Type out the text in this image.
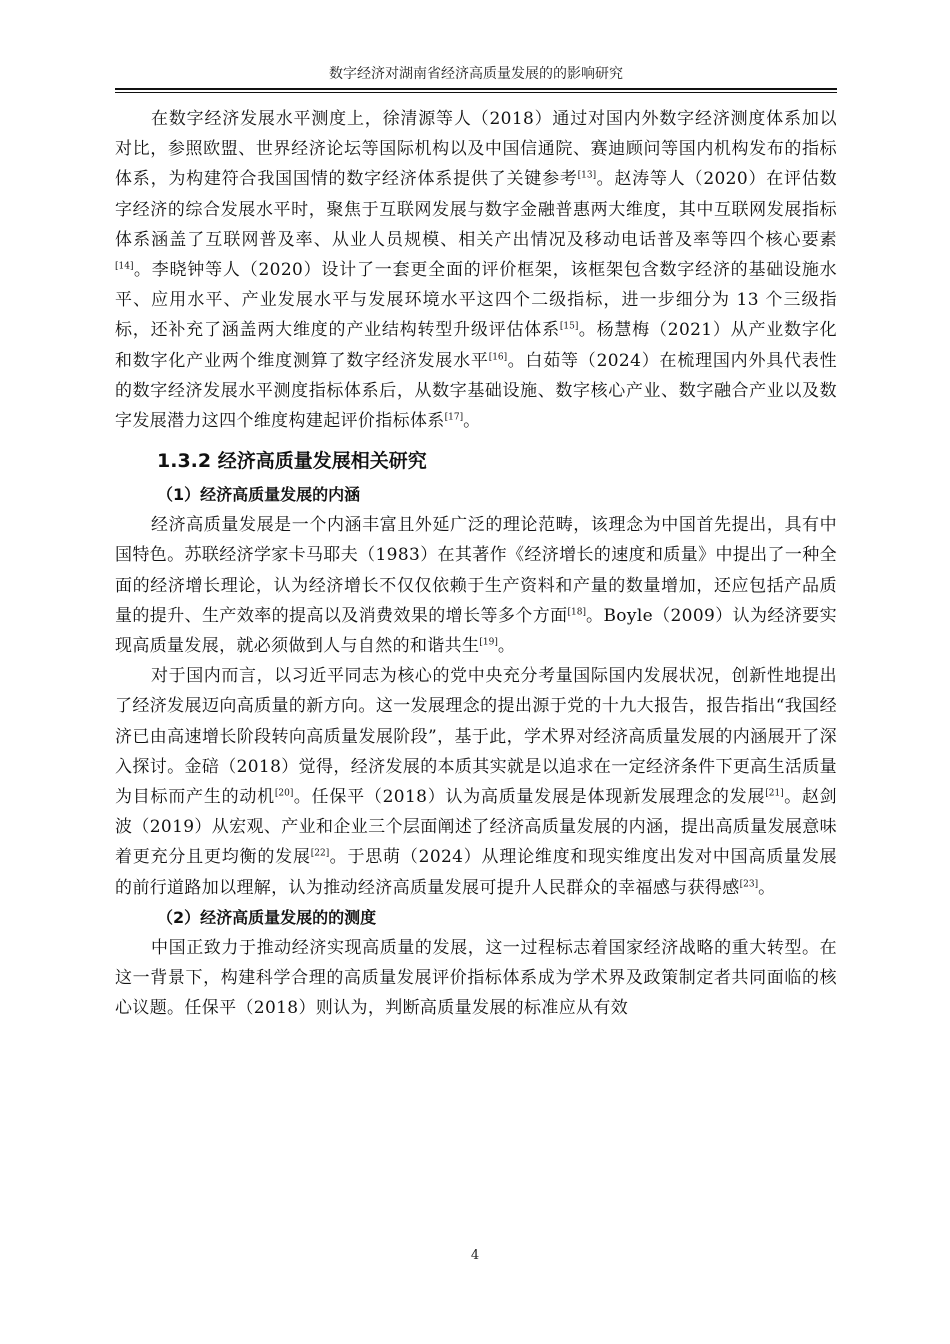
数字经济对湖南省经济高质量发展的的影响研究

在数字经济发展水平测度上，徐清源等人（2018）通过对国内外数字经济测度体系加以对比，参照欧盟、世界经济论坛等国际机构以及中国信通院、赛迪顾问等国内机构发布的指标体系，为构建符合我国国情的数字经济体系提供了关键参考[13]。赵涛等人（2020）在评估数字经济的综合发展水平时，聚焦于互联网发展与数字金融普惠两大维度，其中互联网发展指标体系涵盖了互联网普及率、从业人员规模、相关产出情况及移动电话普及率等四个核心要素[14]。李晓钟等人（2020）设计了一套更全面的评价框架，该框架包含数字经济的基础设施水平、应用水平、产业发展水平与发展环境水平这四个二级指标，进一步细分为 13 个三级指标，还补充了涵盖两大维度的产业结构转型升级评估体系[15]。杨慧梅（2021）从产业数字化和数字化产业两个维度测算了数字经济发展水平[16]。白茹等（2024）在梳理国内外具代表性的数字经济发展水平测度指标体系后，从数字基础设施、数字核心产业、数字融合产业以及数字发展潜力这四个维度构建起评价指标体系[17]。

1.3.2 经济高质量发展相关研究
（1）经济高质量发展的内涵

经济高质量发展是一个内涵丰富且外延广泛的理论范畴，该理念为中国首先提出，具有中国特色。苏联经济学家卡马耶夫（1983）在其著作《经济增长的速度和质量》中提出了一种全面的经济增长理论，认为经济增长不仅仅依赖于生产资料和产量的数量增加，还应包括产品质量的提升、生产效率的提高以及消费效果的增长等多个方面[18]。Boyle（2009）认为经济要实现高质量发展，就必须做到人与自然的和谐共生[19]。

对于国内而言，以习近平同志为核心的党中央充分考量国际国内发展状况，创新性地提出了经济发展迈向高质量的新方向。这一发展理念的提出源于党的十九大报告，报告指出“我国经济已由高速增长阶段转向高质量发展阶段”，基于此，学术界对经济高质量发展的内涵展开了深入探讨。金碚（2018）觉得，经济发展的本质其实就是以追求在一定经济条件下更高生活质量为目标而产生的动机[20]。任保平（2018）认为高质量发展是体现新发展理念的发展[21]。赵剑波（2019）从宏观、产业和企业三个层面阐述了经济高质量发展的内涵，提出高质量发展意味着更充分且更均衡的发展[22]。于思萌（2024）从理论维度和现实维度出发对中国高质量发展的前行道路加以理解，认为推动经济高质量发展可提升人民群众的幸福感与获得感[23]。

（2）经济高质量发展的的测度

中国正致力于推动经济实现高质量的发展，这一过程标志着国家经济战略的重大转型。在这一背景下，构建科学合理的高质量发展评价指标体系成为学术界及政策制定者共同面临的核心议题。任保平（2018）则认为，判断高质量发展的标准应从有效

4
